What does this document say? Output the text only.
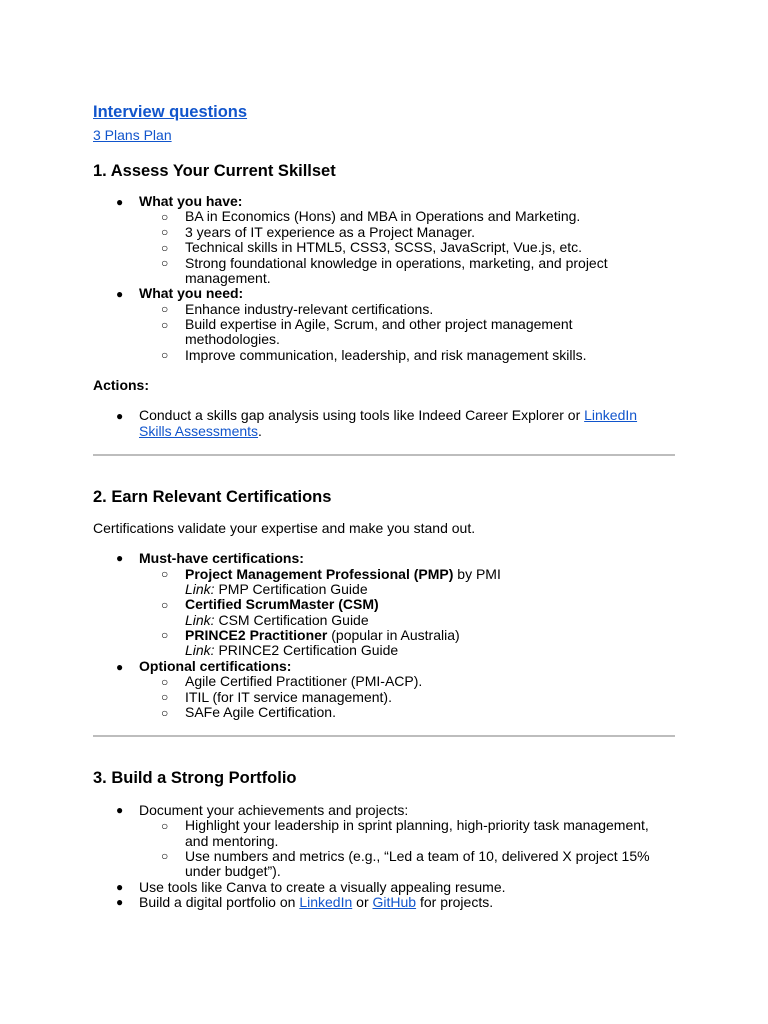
Interview questions
3 Plans Plan
1. Assess Your Current Skillset
● What you have:

○ BA in Economics (Hons) and MBA in Operations and Marketing.

○ 3 years of IT experience as a Project Manager.

○ Technical skills in HTML5, CSS3, SCSS, JavaScript, Vue.js, etc.

○ Strong foundational knowledge in operations, marketing, and project

management.

● What you need:

○ Enhance industry-relevant certifications.

○ Build expertise in Agile, Scrum, and other project management

methodologies.

○ Improve communication, leadership, and risk management skills.

Actions:

● Conduct a skills gap analysis using tools like Indeed Career Explorer or LinkedIn

Skills Assessments.

2. Earn Relevant Certifications

Certifications validate your expertise and make you stand out.

● Must-have certifications:

○ Project Management Professional (PMP) by PMI

Link: PMP Certification Guide

○ Certified ScrumMaster (CSM)

Link: CSM Certification Guide

○ PRINCE2 Practitioner (popular in Australia)

Link: PRINCE2 Certification Guide

● Optional certifications:

○ Agile Certified Practitioner (PMI-ACP).

○ ITIL (for IT service management).

○ SAFe Agile Certification.

3. Build a Strong Portfolio
● Document your achievements and projects:

○ Highlight your leadership in sprint planning, high-priority task management,

and mentoring.

○ Use numbers and metrics (e.g., “Led a team of 10, delivered X project 15%

under budget”).

● Use tools like Canva to create a visually appealing resume.

● Build a digital portfolio on LinkedIn or GitHub for projects.
